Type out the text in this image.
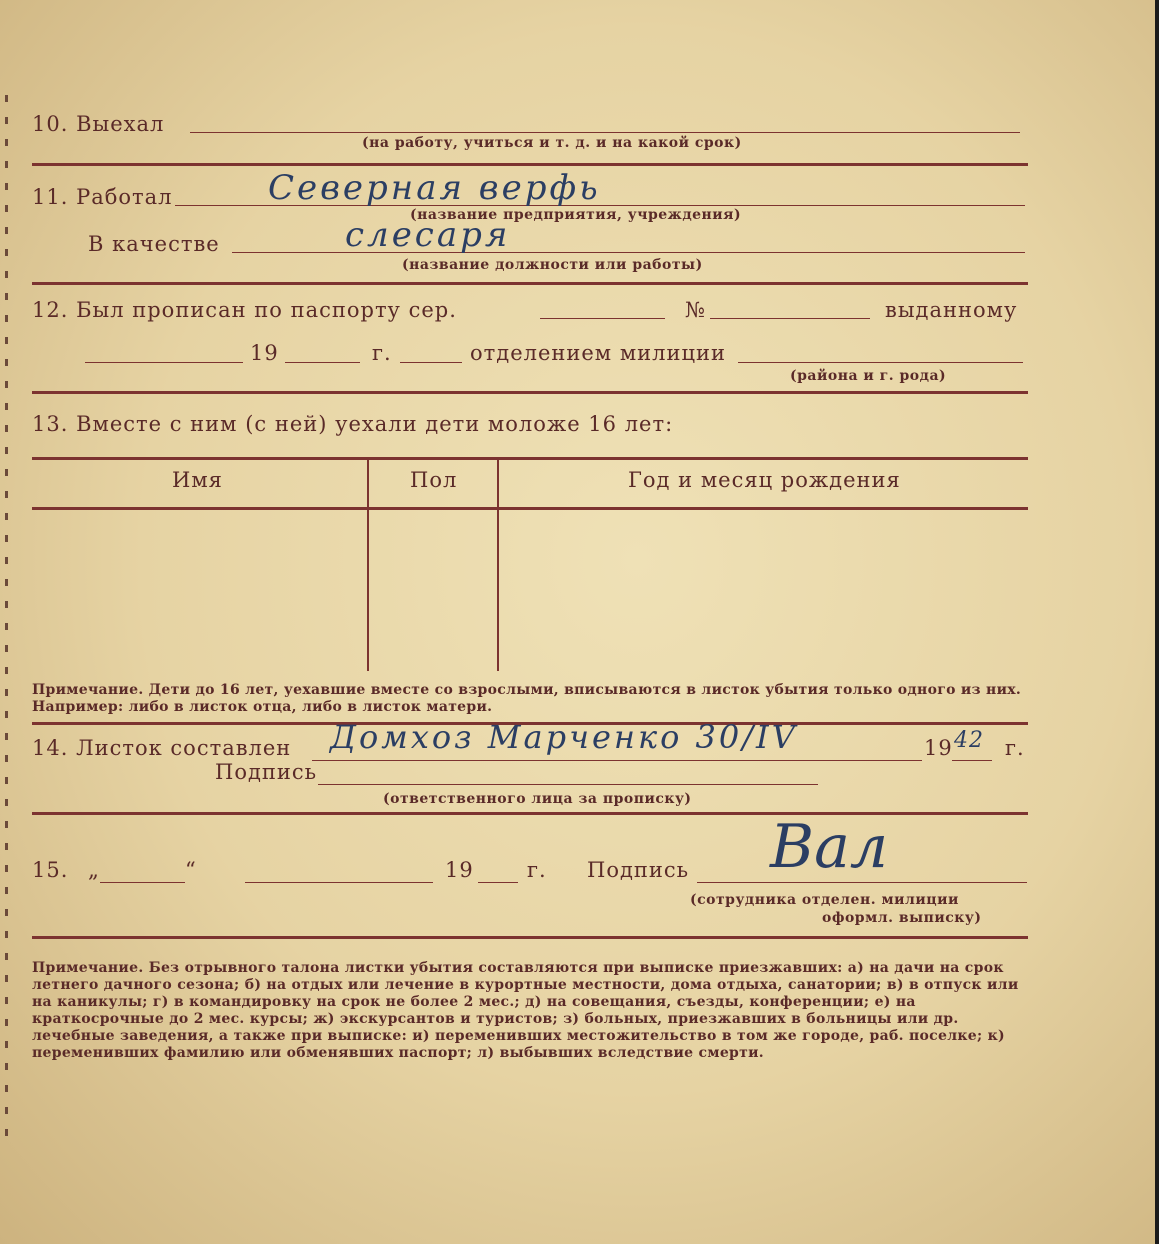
10. Выехал
(на работу, учиться и т. д. и на какой срок)
11. Работал	Северная верфь
(название предприятия, учреждения)
В качестве	слесаря
(название должности или работы)
12. Был прописан по паспорту сер.	№	выданному
19	г.	отделением милиции
(района и г. рода)
13. Вместе с ним (с ней) уехали дети моложе 16 лет:
Имя	Пол	Год и месяц рождения
Примечание. Дети до 16 лет, уехавшие вместе со взрослыми, вписываются в листок убытия только одного из них. Например: либо в листок отца, либо в листок матери.
14. Листок составлен Домхоз Марченко 30/IV	19 42 г.
Подпись
(ответственного лица за прописку)
15. „	“	19	г. Подпись Вал
(сотрудника отделен. милиции
оформл. выписку)
Примечание. Без отрывного талона листки убытия составляются при выписке приезжавших: а) на дачи на срок летнего дачного сезона; б) на отдых или лечение в курортные местности, дома отдыха, санатории; в) в отпуск или на каникулы; г) в командировку на срок не более 2 мес.; д) на совещания, съезды, конференции; е) на краткосрочные до 2 мес. курсы; ж) экскурсантов и туристов; з) больных, приезжавших в больницы или др. лечебные заведения, а также при выписке: и) переменивших местожительство в том же городе, раб. поселке; к) переменивших фамилию или обменявших паспорт; л) выбывших вследствие смерти.
